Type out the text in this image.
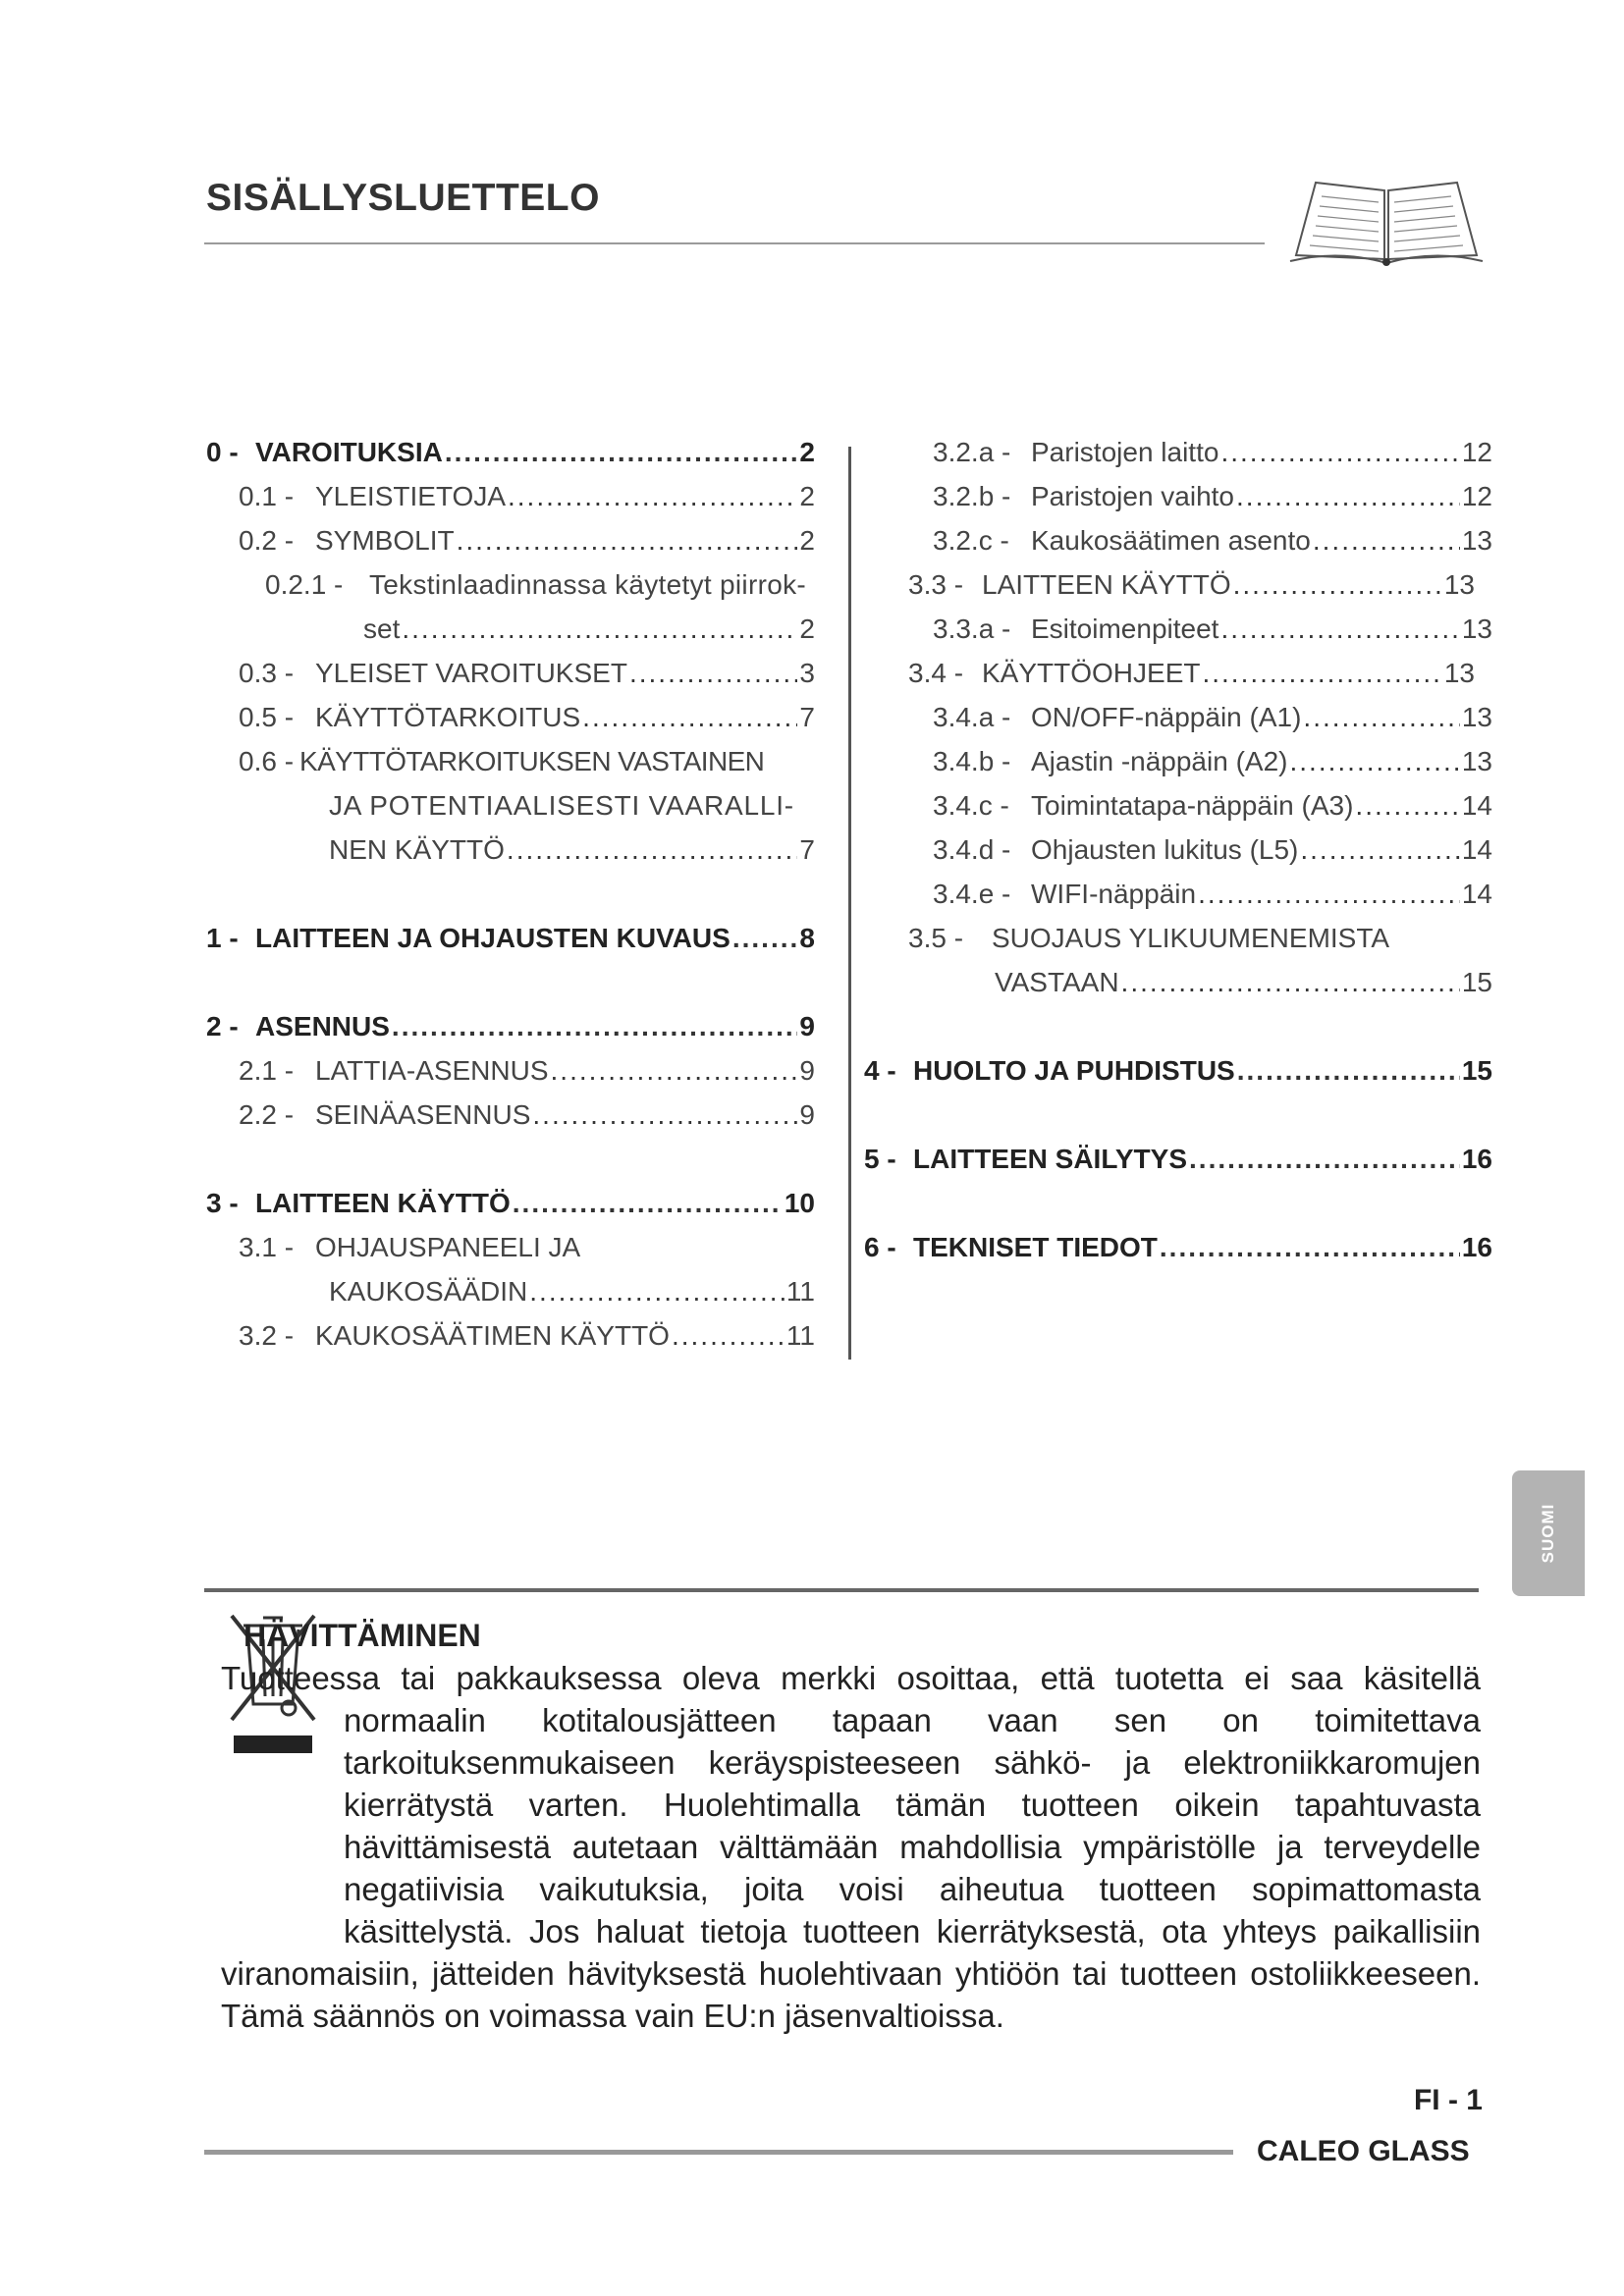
SISÄLLYSLUETTELO
0 - VAROITUKSIA .....	2
0.1 - YLEISTIETOJA .....	2
0.2 - SYMBOLIT .....	2
0.2.1 - Tekstinlaadinnassa käytetyt piirrok-
set .....	2
0.3 - YLEISET VAROITUKSET .....	3
0.5 - KÄYTTÖTARKOITUS .....	7
0.6 - KÄYTTÖTARKOITUKSEN VASTAINEN
JA POTENTIAALISESTI VAARALLI-
NEN KÄYTTÖ .....	7
1 - LAITTEEN JA OHJAUSTEN KUVAUS .....	8
2 - ASENNUS .....	9
2.1 - LATTIA-ASENNUS .....	9
2.2 - SEINÄASENNUS .....	9
3 - LAITTEEN KÄYTTÖ .....	10
3.1 - OHJAUSPANEELI JA
KAUKOSÄÄDIN .....	11
3.2 - KAUKOSÄÄTIMEN KÄYTTÖ .....	11
3.2.a - Paristojen laitto .....	12
3.2.b - Paristojen vaihto .....	12
3.2.c - Kaukosäätimen asento .....	13
3.3 - LAITTEEN KÄYTTÖ .....	13
3.3.a - Esitoimenpiteet .....	13
3.4 - KÄYTTÖOHJEET .....	13
3.4.a - ON/OFF-näppäin (A1) .....	13
3.4.b - Ajastin -näppäin (A2) .....	13
3.4.c - Toimintatapa-näppäin (A3) .....	14
3.4.d - Ohjausten lukitus (L5) .....	14
3.4.e - WIFI-näppäin .....	14
3.5 -	SUOJAUS YLIKUUMENEMISTA
VASTAAN .....	15
4 - HUOLTO JA PUHDISTUS .....	15
5 - LAITTEEN SÄILYTYS .....	16
6 - TEKNISET TIEDOT .....	16
SUOMI
HÄVITTÄMINEN
Tuotteessa tai pakkauksessa oleva merkki osoittaa, että tuotetta ei saa käsitellä normaalin kotitalousjätteen tapaan vaan sen on toimitettava tarkoituksenmukaiseen keräyspisteeseen sähkö- ja elektroniikkaromujen kierrätystä varten. Huolehtimalla tämän tuotteen oikein tapahtuvasta hävittämisestä autetaan välttämään mahdollisia ympäristölle ja terveydelle negatiivisia vaikutuksia, joita voisi aiheutua tuotteen sopimattomasta käsittelystä. Jos haluat tietoja tuotteen kierrätyksestä, ota yhteys paikallisiin viranomaisiin, jätteiden hävityksestä huolehtivaan yhtiöön tai tuotteen ostoliikkeeseen. Tämä säännös on voimassa vain EU:n jäsenvaltioissa.
FI - 1
CALEO GLASS
